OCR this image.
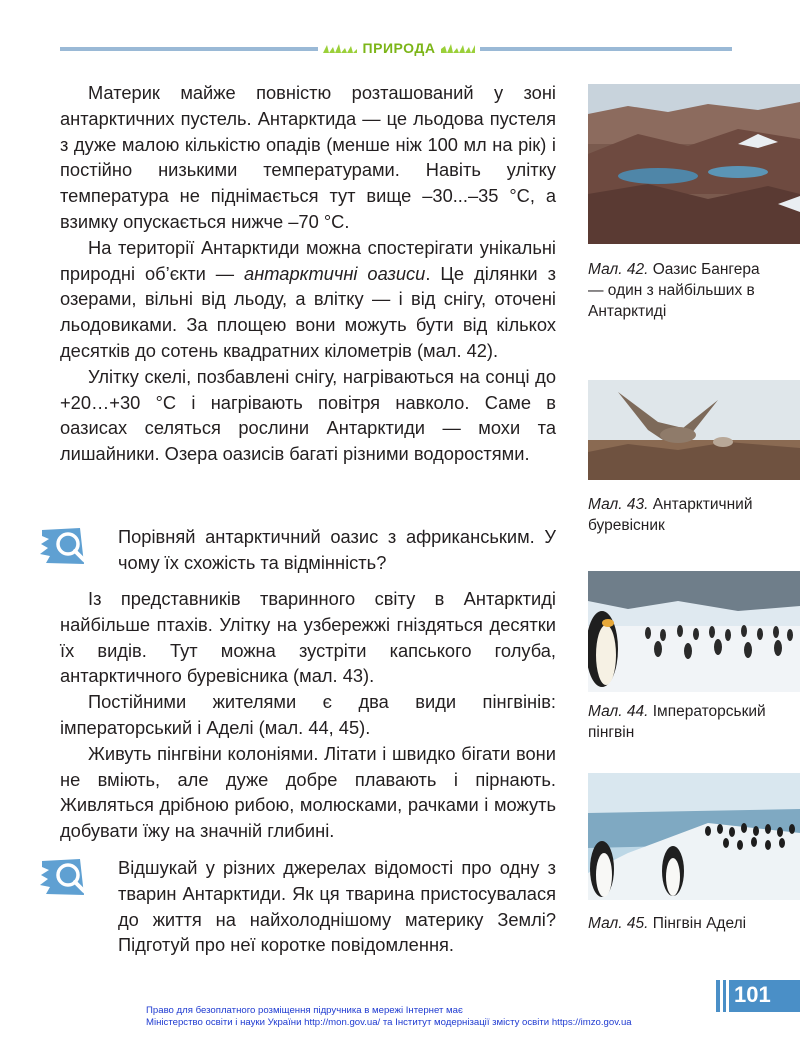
ПРИРОДА

Материк майже повністю розташований у зоні антарктичних пустель. Антарктида — це льодова пустеля з дуже малою кількістю опадів (менше ніж 100 мл на рік) і постійно низькими температурами. Навіть улітку температура не піднімається тут вище –30...–35 °С, а взимку опускається нижче –70 °С.

На території Антарктиди можна спостерігати унікальні природні об’єкти — антарктичні оазиси. Це ділянки з озерами, вільні від льоду, а влітку — і від снігу, оточені льодовиками. За площею вони можуть бути від кількох десятків до сотень квадратних кілометрів (мал. 42).

Улітку скелі, позбавлені снігу, нагріваються на сонці до +20…+30 °С і нагрівають повітря навколо. Саме в оазисах селяться рослини Антарктиди — мохи та лишайники. Озера оазисів багаті різними водоростями.

Порівняй антарктичний оазис з африканським. У чому їх схожість та відмінність?

Із представників тваринного світу в Антарктиді найбільше птахів. Улітку на узбережжі гніздяться десятки їх видів. Тут можна зустріти капського голуба, антарктичного буревісника (мал. 43).

Постійними жителями є два види пінгвінів: імператорський і Аделі (мал. 44, 45).

Живуть пінгвіни колоніями. Літати і швидко бігати вони не вміють, але дуже добре плавають і пірнають. Живляться дрібною рибою, молюсками, рачками і можуть добувати їжу на значній глибині.

Відшукай у різних джерелах відомості про одну з тварин Антарктиди. Як ця тварина пристосувалася до життя на найхолоднішому материку Землі? Підготуй про неї коротке повідомлення.
Мал. 42. Оазис Бангера — один з найбільших в Антарктиді
Мал. 43. Антарктичний буревісник
Мал. 44. Імператорський пінгвін
Мал. 45. Пінгвін Аделі
101
Право для безоплатного розміщення підручника в мережі Інтернет має
Міністерство освіти і науки України http://mon.gov.ua/ та Інститут модернізації змісту освіти https://imzo.gov.ua
